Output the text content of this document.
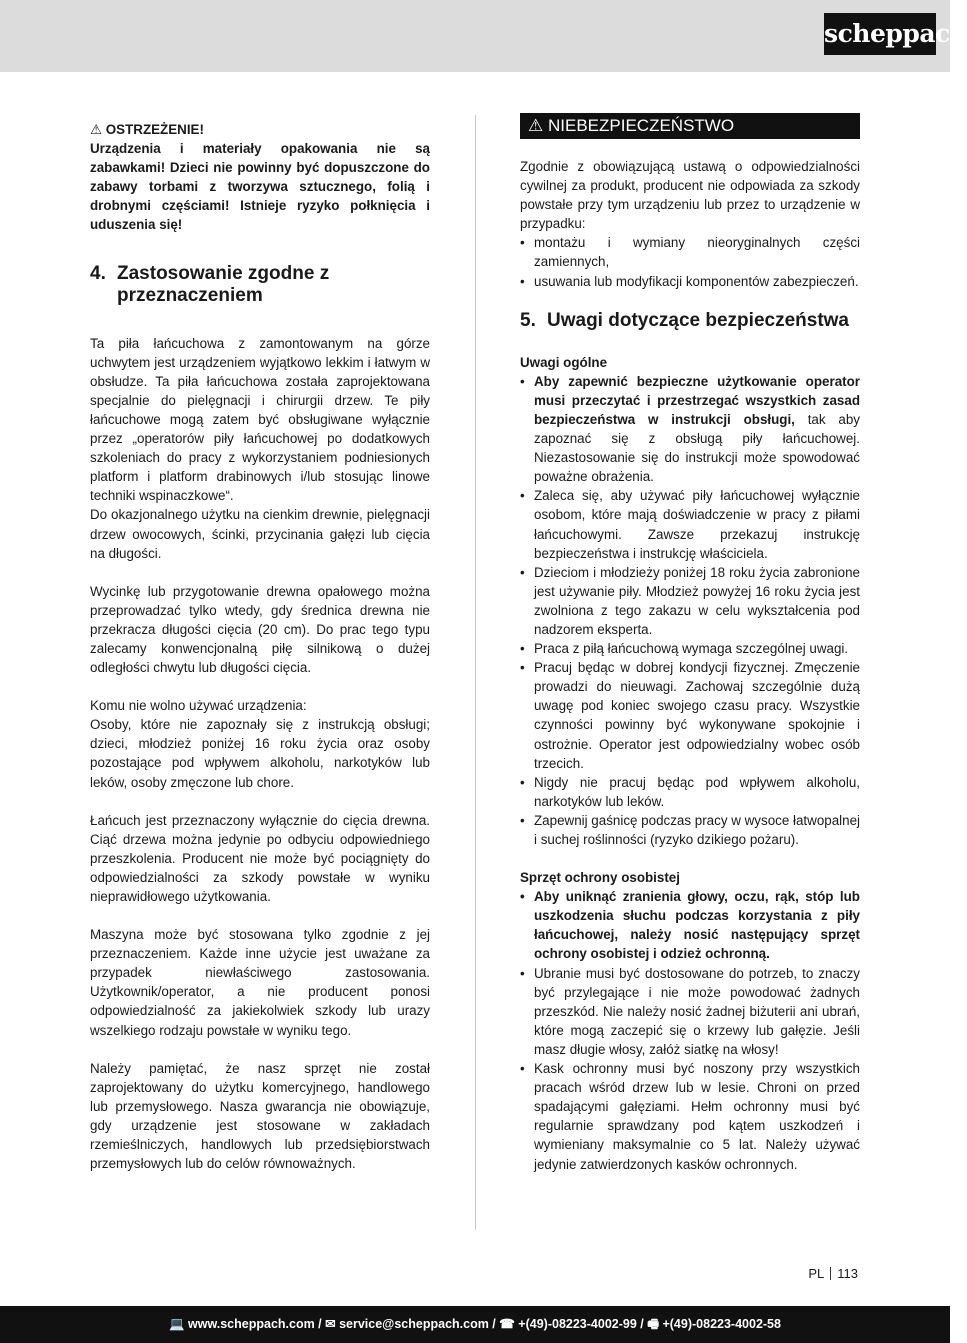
scheppach

⚠ OSTRZEŻENIE!

Urządzenia i materiały opakowania nie są zabawkami! Dzieci nie powinny być dopuszczone do zabawy torbami z tworzywa sztucznego, folią i drobnymi częściami! Istnieje ryzyko połknięcia i uduszenia się!

4. Zastosowanie zgodne z przeznaczeniem

Ta piła łańcuchowa z zamontowanym na górze uchwytem jest urządzeniem wyjątkowo lekkim i łatwym w obsłudze. Ta piła łańcuchowa została zaprojektowana specjalnie do pielęgnacji i chirurgii drzew. Te piły łańcuchowe mogą zatem być obsługiwane wyłącznie przez „operatorów piły łańcuchowej po dodatkowych szkoleniach do pracy z wykorzystaniem podniesionych platform i platform drabinowych i/lub stosując linowe techniki wspinaczkowe“.

Do okazjonalnego użytku na cienkim drewnie, pielęgnacji drzew owocowych, ścinki, przycinania gałęzi lub cięcia na długości.

Wycinkę lub przygotowanie drewna opałowego można przeprowadzać tylko wtedy, gdy średnica drewna nie przekracza długości cięcia (20 cm). Do prac tego typu zalecamy konwencjonalną piłę silnikową o dużej odległości chwytu lub długości cięcia.

Komu nie wolno używać urządzenia:

Osoby, które nie zapoznały się z instrukcją obsługi; dzieci, młodzież poniżej 16 roku życia oraz osoby pozostające pod wpływem alkoholu, narkotyków lub leków, osoby zmęczone lub chore.

Łańcuch jest przeznaczony wyłącznie do cięcia drewna. Ciąć drzewa można jedynie po odbyciu odpowiedniego przeszkolenia. Producent nie może być pociągnięty do odpowiedzialności za szkody powstałe w wyniku nieprawidłowego użytkowania.

Maszyna może być stosowana tylko zgodnie z jej przeznaczeniem. Każde inne użycie jest uważane za przypadek niewłaściwego zastosowania. Użytkownik/operator, a nie producent ponosi odpowiedzialność za jakiekolwiek szkody lub urazy wszelkiego rodzaju powstałe w wyniku tego.

Należy pamiętać, że nasz sprzęt nie został zaprojektowany do użytku komercyjnego, handlowego lub przemysłowego. Nasza gwarancja nie obowiązuje, gdy urządzenie jest stosowane w zakładach rzemieślniczych, handlowych lub przedsiębiorstwach przemysłowych lub do celów równoważnych.

⚠ NIEBEZPIECZEŃSTWO

Zgodnie z obowiązującą ustawą o odpowiedzialności cywilnej za produkt, producent nie odpowiada za szkody powstałe przy tym urządzeniu lub przez to urządzenie w przypadku:

• montażu i wymiany nieoryginalnych części zamiennych,
• usuwania lub modyfikacji komponentów zabezpieczeń.
5. Uwagi dotyczące bezpieczeństwa

Uwagi ogólne

• Aby zapewnić bezpieczne użytkowanie operator musi przeczytać i przestrzegać wszystkich zasad bezpieczeństwa w instrukcji obsługi, tak aby zapoznać się z obsługą piły łańcuchowej. Niezastosowanie się do instrukcji może spowodować poważne obrażenia.
• Zaleca się, aby używać piły łańcuchowej wyłącznie osobom, które mają doświadczenie w pracy z piłami łańcuchowymi. Zawsze przekazuj instrukcję bezpieczeństwa i instrukcję właściciela.
• Dzieciom i młodzieży poniżej 18 roku życia zabronione jest używanie piły. Młodzież powyżej 16 roku życia jest zwolniona z tego zakazu w celu wykształcenia pod nadzorem eksperta.
• Praca z piłą łańcuchową wymaga szczególnej uwagi.
• Pracuj będąc w dobrej kondycji fizycznej. Zmęczenie prowadzi do nieuwagi. Zachowaj szczególnie dużą uwagę pod koniec swojego czasu pracy. Wszystkie czynności powinny być wykonywane spokojnie i ostrożnie. Operator jest odpowiedzialny wobec osób trzecich.
• Nigdy nie pracuj będąc pod wpływem alkoholu, narkotyków lub leków.
• Zapewnij gaśnicę podczas pracy w wysoce łatwopalnej i suchej roślinności (ryzyko dzikiego pożaru).

Sprzęt ochrony osobistej

• Aby uniknąć zranienia głowy, oczu, rąk, stóp lub uszkodzenia słuchu podczas korzystania z piły łańcuchowej, należy nosić następujący sprzęt ochrony osobistej i odzież ochronną.
• Ubranie musi być dostosowane do potrzeb, to znaczy być przylegające i nie może powodować żadnych przeszkód. Nie należy nosić żadnej biżuterii ani ubrań, które mogą zaczepić się o krzewy lub gałęzie. Jeśli masz długie włosy, załóż siatkę na włosy!
• Kask ochronny musi być noszony przy wszystkich pracach wśród drzew lub w lesie. Chroni on przed spadającymi gałęziami. Hełm ochronny musi być regularnie sprawdzany pod kątem uszkodzeń i wymieniany maksymalnie co 5 lat. Należy używać jedynie zatwierdzonych kasków ochronnych.
PL 113
💻 www.scheppach.com / ✉ service@scheppach.com / ☎ +(49)-08223-4002-99 / 🖷 +(49)-08223-4002-58
